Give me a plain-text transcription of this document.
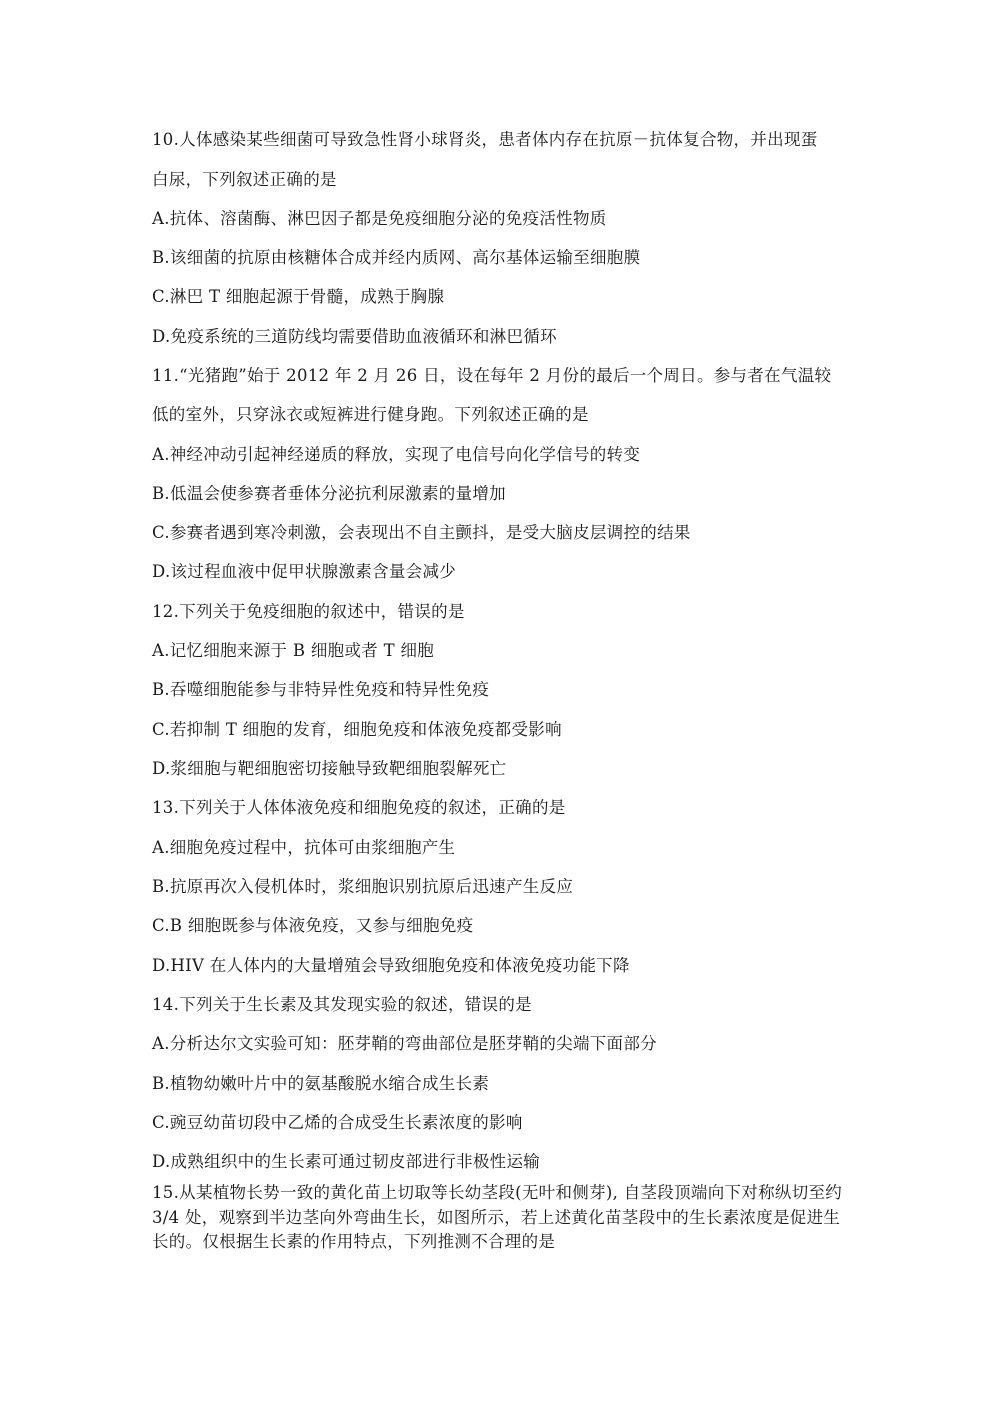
10.人体感染某些细菌可导致急性肾小球肾炎，患者体内存在抗原－抗体复合物，并出现蛋
白尿，下列叙述正确的是
A.抗体、溶菌酶、淋巴因子都是免疫细胞分泌的免疫活性物质
B.该细菌的抗原由核糖体合成并经内质网、高尔基体运输至细胞膜
C.淋巴 T 细胞起源于骨髓，成熟于胸腺
D.免疫系统的三道防线均需要借助血液循环和淋巴循环
11.“光猪跑”始于 2012 年 2 月 26 日，设在每年 2 月份的最后一个周日。参与者在气温较
低的室外，只穿泳衣或短裤进行健身跑。下列叙述正确的是
A.神经冲动引起神经递质的释放，实现了电信号向化学信号的转变
B.低温会使参赛者垂体分泌抗利尿激素的量增加
C.参赛者遇到寒冷刺激，会表现出不自主颤抖，是受大脑皮层调控的结果
D.该过程血液中促甲状腺激素含量会减少
12.下列关于免疫细胞的叙述中，错误的是
A.记忆细胞来源于 B 细胞或者 T 细胞
B.吞噬细胞能参与非特异性免疫和特异性免疫
C.若抑制 T 细胞的发育，细胞免疫和体液免疫都受影响
D.浆细胞与靶细胞密切接触导致靶细胞裂解死亡
13.下列关于人体体液免疫和细胞免疫的叙述，正确的是
A.细胞免疫过程中，抗体可由浆细胞产生
B.抗原再次入侵机体时，浆细胞识别抗原后迅速产生反应
C.B 细胞既参与体液免疫，又参与细胞免疫
D.HIV 在人体内的大量增殖会导致细胞免疫和体液免疫功能下降
14.下列关于生长素及其发现实验的叙述，错误的是
A.分析达尔文实验可知：胚芽鞘的弯曲部位是胚芽鞘的尖端下面部分
B.植物幼嫩叶片中的氨基酸脱水缩合成生长素
C.豌豆幼苗切段中乙烯的合成受生长素浓度的影响
D.成熟组织中的生长素可通过韧皮部进行非极性运输
15.从某植物长势一致的黄化苗上切取等长幼茎段(无叶和侧芽), 自茎段顶端向下对称纵切至约 3/4 处，观察到半边茎向外弯曲生长，如图所示，若上述黄化苗茎段中的生长素浓度是促进生长的。仅根据生长素的作用特点，下列推测不合理的是
